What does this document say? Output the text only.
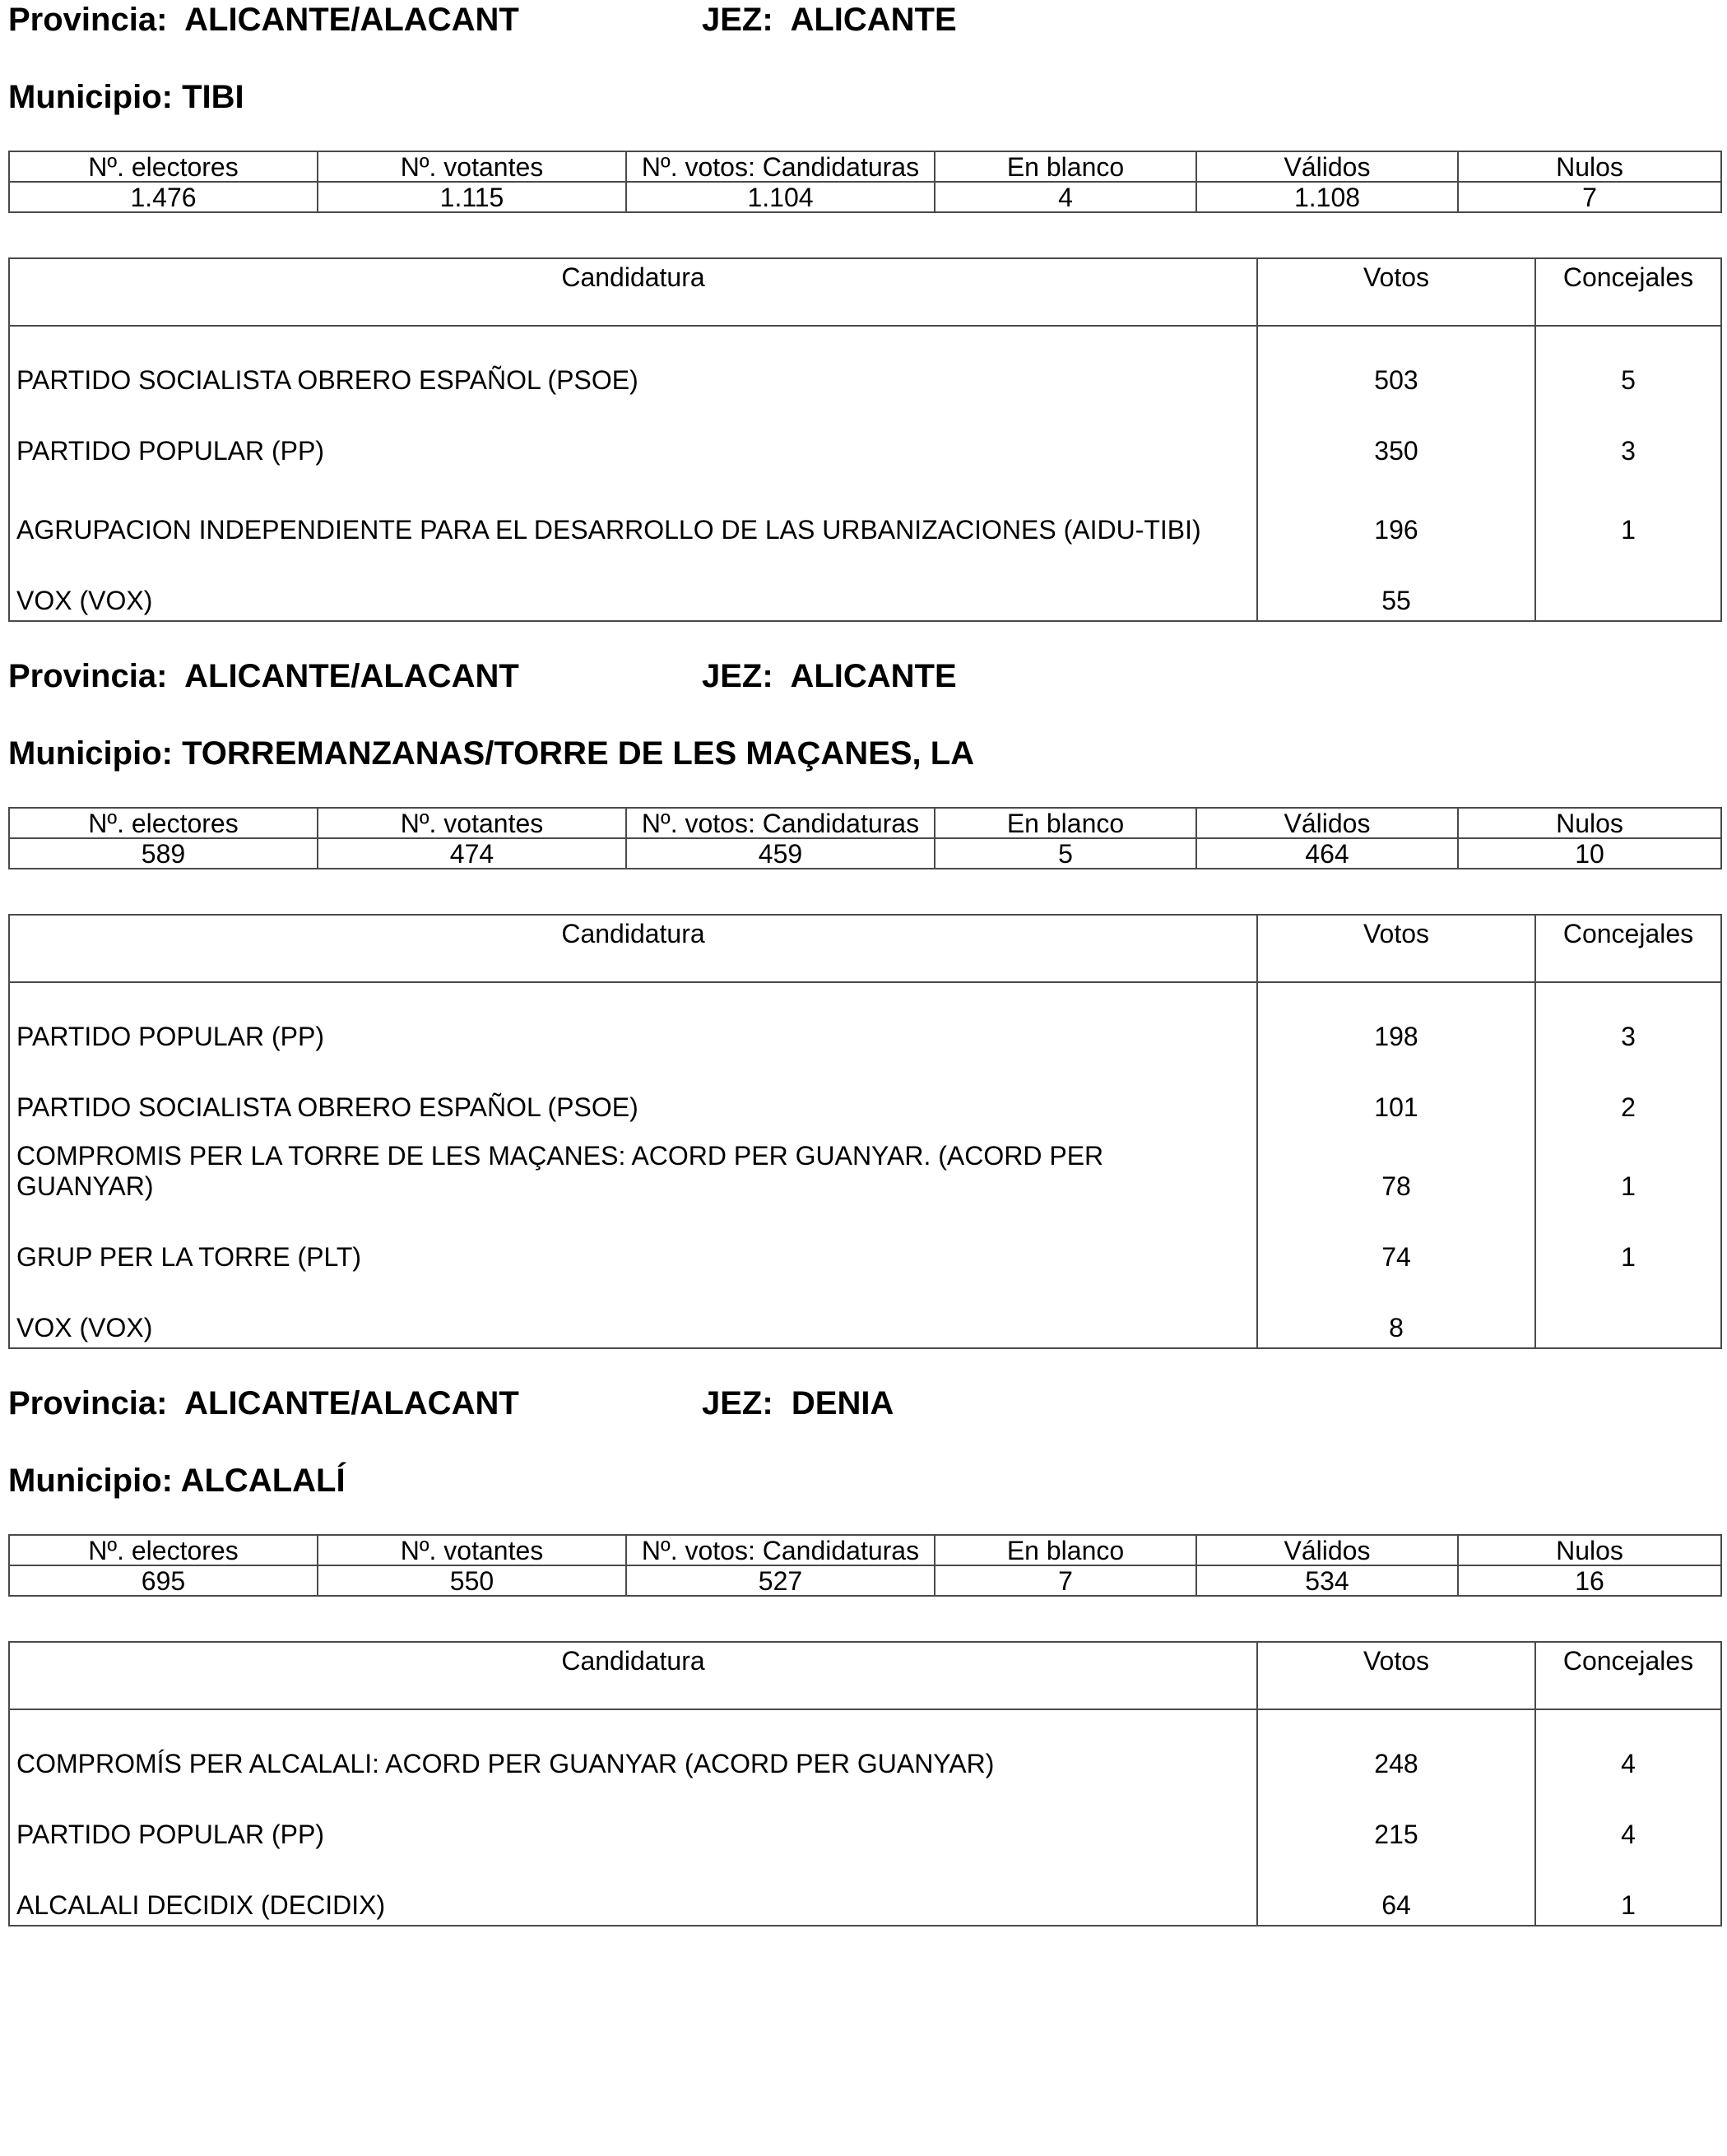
Provincia: ALICANTE/ALACANT	JEZ: ALICANTE
Municipio: TIBI
Nº. electores	Nº. votantes	Nº. votos: Candidaturas	En blanco	Válidos	Nulos
1.476	1.115	1.104	4	1.108	7
Candidatura	Votos	Concejales
PARTIDO SOCIALISTA OBRERO ESPAÑOL (PSOE)	503	5
PARTIDO POPULAR (PP)	350	3
AGRUPACION INDEPENDIENTE PARA EL DESARROLLO DE LAS URBANIZACIONES (AIDU-TIBI)	196	1
VOX (VOX)	55	
Provincia: ALICANTE/ALACANT	JEZ: ALICANTE
Municipio: TORREMANZANAS/TORRE DE LES MAÇANES, LA
Nº. electores	Nº. votantes	Nº. votos: Candidaturas	En blanco	Válidos	Nulos
589	474	459	5	464	10
Candidatura	Votos	Concejales
PARTIDO POPULAR (PP)	198	3
PARTIDO SOCIALISTA OBRERO ESPAÑOL (PSOE)	101	2
COMPROMIS PER LA TORRE DE LES MAÇANES: ACORD PER GUANYAR. (ACORD PER GUANYAR)	78	1
GRUP PER LA TORRE (PLT)	74	1
VOX (VOX)	8	
Provincia: ALICANTE/ALACANT	JEZ: DENIA
Municipio: ALCALALÍ
Nº. electores	Nº. votantes	Nº. votos: Candidaturas	En blanco	Válidos	Nulos
695	550	527	7	534	16
Candidatura	Votos	Concejales
COMPROMÍS PER ALCALALI: ACORD PER GUANYAR (ACORD PER GUANYAR)	248	4
PARTIDO POPULAR (PP)	215	4
ALCALALI DECIDIX (DECIDIX)	64	1
